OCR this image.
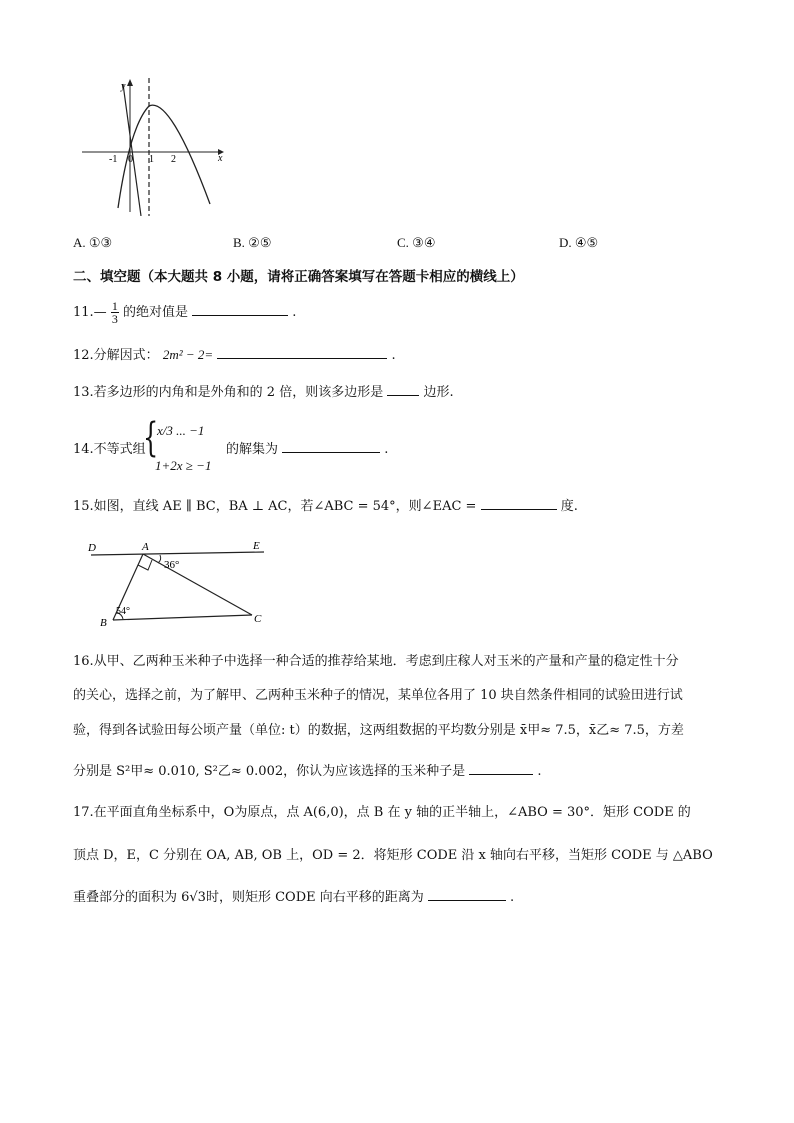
y
x
-1 0 1 2
A. ①③	B. ②⑤	C. ③④	D. ④⑤
二、填空题（本大题共 8 小题，请将正确答案填写在答题卡相应的横线上）
11.— $\frac{1}{3}$ 的绝对值是	.
12.分解因式： 2m² − 2=	.
13.若多边形的内角和是外角和的 2 倍，则该多边形是	边形.
14.不等式组
{
x/3 ... −1
1+2x ≥ −1
的解集为	.
15.如图，直线 AE ∥ BC，BA ⊥ AC，若∠ABC = 54°，则∠EAC =	度.
D	A	E
B	C
36°
54°
16.从甲、乙两种玉米种子中选择一种合适的推荐给某地．考虑到庄稼人对玉米的产量和产量的稳定性十分
的关心，选择之前，为了解甲、乙两种玉米种子的情况，某单位各用了 10 块自然条件相同的试验田进行试
验，得到各试验田每公顷产量（单位: t）的数据，这两组数据的平均数分别是 x̄甲≈ 7.5，x̄乙≈ 7.5，方差
分别是 S²甲≈ 0.010, S²乙≈ 0.002，你认为应该选择的玉米种子是	.
17.在平面直角坐标系中，O为原点，点 A(6,0)，点 B 在 y 轴的正半轴上，∠ABO = 30°．矩形 CODE 的
顶点 D，E，C 分别在 OA, AB, OB 上，OD = 2．将矩形 CODE 沿 x 轴向右平移，当矩形 CODE 与 △ABO
重叠部分的面积为 6√3时，则矩形 CODE 向右平移的距离为	.
